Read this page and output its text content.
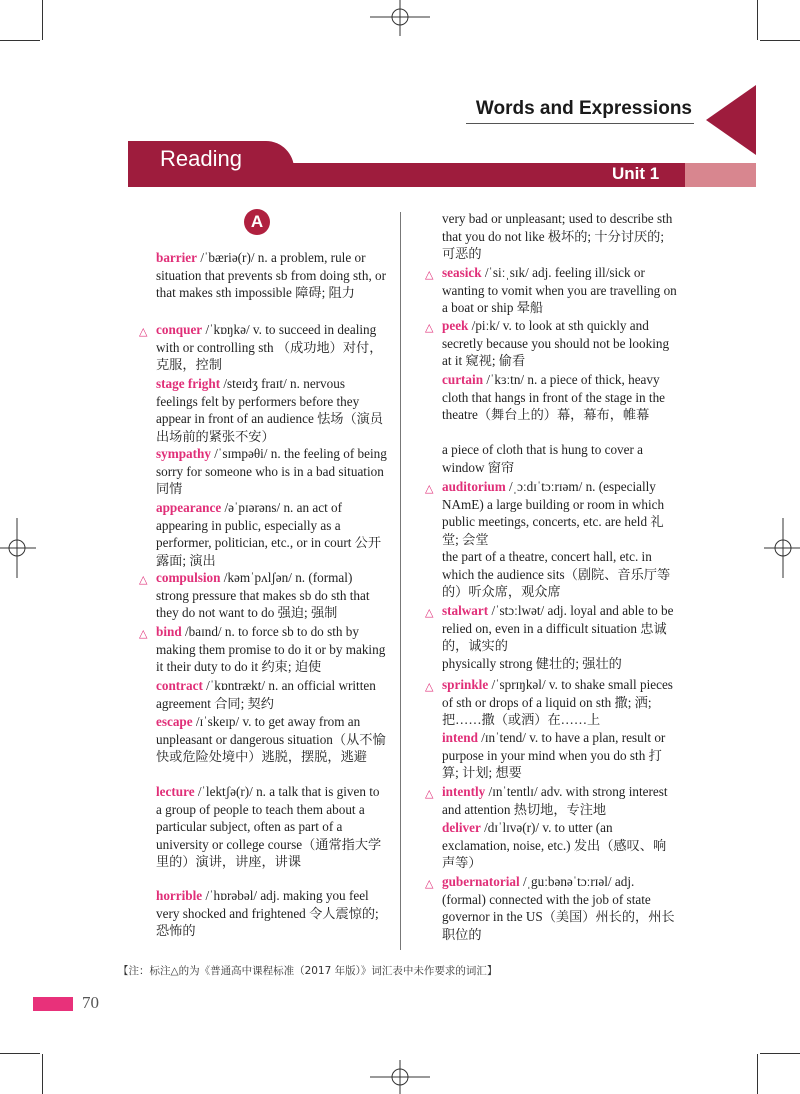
Words and Expressions
Reading
Unit 1
A
barrier /ˈbæriə(r)/ n. a problem, rule or situation that prevents sb from doing sth, or that makes sth impossible 障碍; 阻力
△ conquer /ˈkɒŋkə/ v. to succeed in dealing with or controlling sth （成功地）对付，克服，控制
stage fright /steɪdʒ fraɪt/ n. nervous feelings felt by performers before they appear in front of an audience 怯场（演员出场前的紧张不安）
sympathy /ˈsɪmpəθi/ n. the feeling of being sorry for someone who is in a bad situation 同情
appearance /əˈpɪərəns/ n. an act of appearing in public, especially as a performer, politician, etc., or in court 公开露面; 演出
△ compulsion /kəmˈpʌlʃən/ n. (formal) strong pressure that makes sb do sth that they do not want to do 强迫; 强制
△ bind /baɪnd/ n. to force sb to do sth by making them promise to do it or by making it their duty to do it 约束; 迫使
contract /ˈkɒntrækt/ n. an official written agreement 合同; 契约
escape /ɪˈskeɪp/ v. to get away from an unpleasant or dangerous situation（从不愉快或危险处境中）逃脱，摆脱，逃避
lecture /ˈlektʃə(r)/ n. a talk that is given to a group of people to teach them about a particular subject, often as part of a university or college course（通常指大学里的）演讲，讲座，讲课
horrible /ˈhɒrəbəl/ adj. making you feel very shocked and frightened 令人震惊的; 恐怖的
very bad or unpleasant; used to describe sth that you do not like 极坏的; 十分讨厌的; 可恶的
△ seasick /ˈsiːˌsɪk/ adj. feeling ill/sick or wanting to vomit when you are travelling on a boat or ship 晕船
△ peek /piːk/ v. to look at sth quickly and secretly because you should not be looking at it 窥视; 偷看
curtain /ˈkɜːtn/ n. a piece of thick, heavy cloth that hangs in front of the stage in the theatre（舞台上的）幕，幕布，帷幕
a piece of cloth that is hung to cover a window 窗帘
△ auditorium /ˌɔːdɪˈtɔːrɪəm/ n. (especially NAmE) a large building or room in which public meetings, concerts, etc. are held 礼堂; 会堂
the part of a theatre, concert hall, etc. in which the audience sits（剧院、音乐厅等的）听众席，观众席
△ stalwart /ˈstɔːlwət/ adj. loyal and able to be relied on, even in a difficult situation 忠诚的，诚实的
physically strong 健壮的; 强壮的
△ sprinkle /ˈsprɪŋkəl/ v. to shake small pieces of sth or drops of a liquid on sth 撒; 洒; 把……撒（或洒）在……上
intend /ɪnˈtend/ v. to have a plan, result or purpose in your mind when you do sth 打算; 计划; 想要
△ intently /ɪnˈtentlɪ/ adv. with strong interest and attention 热切地，专注地
deliver /dɪˈlɪvə(r)/ v. to utter (an exclamation, noise, etc.) 发出（感叹、响声等）
△ gubernatorial /ˌguːbənəˈtɔːrɪəl/ adj. (formal) connected with the job of state governor in the US（美国）州长的，州长职位的
【注：标注△的为《普通高中课程标准（2017 年版）》词汇表中未作要求的词汇】
70
